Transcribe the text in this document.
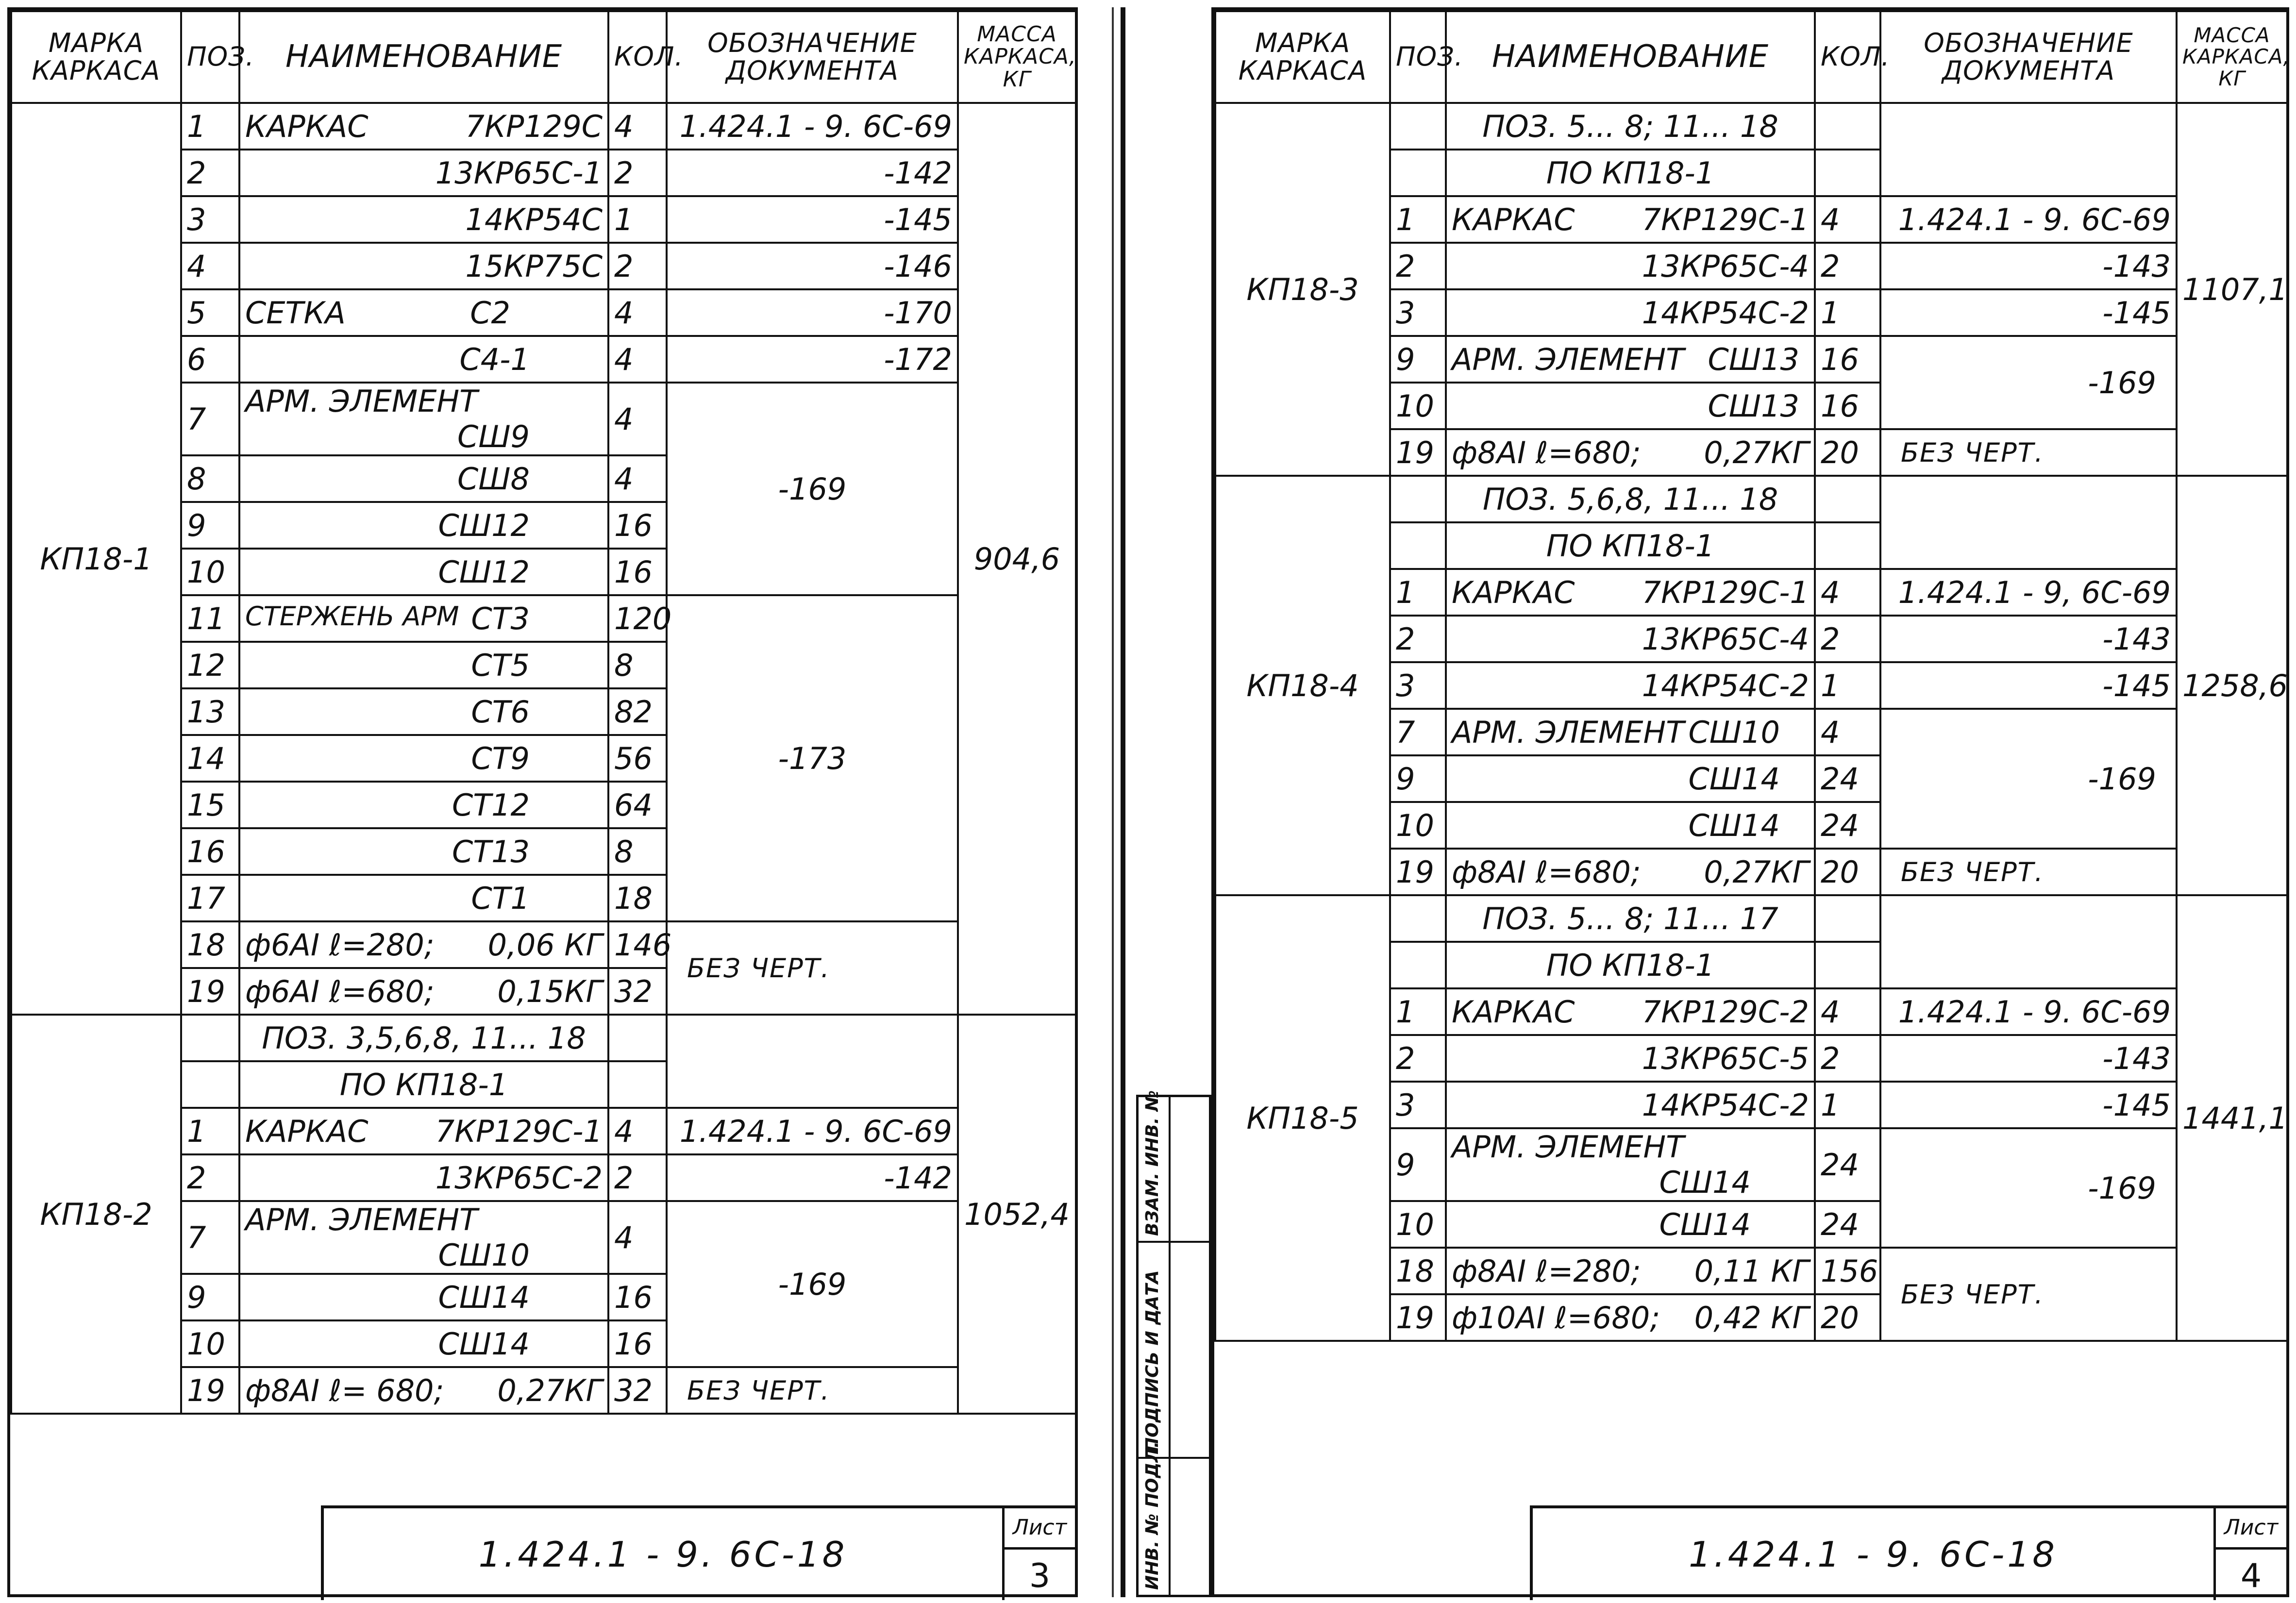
МАРКА
КАРКАСА	ПОЗ.	НАИМЕНОВАНИЕ	КОЛ.	ОБОЗНАЧЕНИЕ
ДОКУМЕНТА	МАССА
КАРКАСА,
КГ
КП18-1	1	КАРКАС 7КР129С	4	1.424.1 - 9. 6С-69	904,6
	2	13КР65С-1	2	-142	
	3	14КР54С	1	-145	
	4	15КР75С	2	-146	
	5	СЕТКА С2	4	-170	
	6	С4-1	4	-172	
	7	АРМ. ЭЛЕМЕНТ
СШ9	4	-169	
	8	СШ8	4		
	9	СШ12	16		
	10	СШ12	16		
	11	СТЕРЖЕНЬ АРМ СТ3	120	-173	
	12	СТ5	8		
	13	СТ6	82		
	14	СТ9	56		
	15	СТ12	64		
	16	СТ13	8		
	17	СТ1	18		
	18	ф6АI ℓ=280; 0,06 КГ	146	БЕЗ ЧЕРТ.	
	19	ф6АI ℓ=680; 0,15КГ	32		
КП18-2		ПОЗ. 3,5,6,8, 11... 18			1052,4
		ПО КП18-1			
	1	КАРКАС 7КР129С-1	4	1.424.1 - 9. 6С-69	
	2	13КР65С-2	2	-142	
	7	АРМ. ЭЛЕМЕНТ
СШ10	4	-169	
	9	СШ14	16		
	10	СШ14	16		
	19	ф8АI ℓ= 680; 0,27КГ	32	БЕЗ ЧЕРТ.	
1.424.1 - 9. 6С-18
Лист
3
ВЗАМ. ИНВ. №
ПОДПИСЬ И ДАТА
ИНВ. № ПОДЛ.
МАРКА
КАРКАСА	ПОЗ.	НАИМЕНОВАНИЕ	КОЛ.	ОБОЗНАЧЕНИЕ
ДОКУМЕНТА	МАССА
КАРКАСА,
КГ
КП18-3		ПОЗ. 5... 8; 11... 18			1107,1
		ПО КП18-1			
	1	КАРКАС 7КР129С-1	4	1.424.1 - 9. 6С-69	
	2	13КР65С-4	2	-143	
	3	14КР54С-2	1	-145	
	9	АРМ. ЭЛЕМЕНТ СШ13	16	-169	
	10	СШ13	16		
	19	ф8АI ℓ=680; 0,27КГ	20	БЕЗ ЧЕРТ.	
КП18-4		ПОЗ. 5,6,8, 11... 18			1258,6
		ПО КП18-1			
	1	КАРКАС 7КР129С-1	4	1.424.1 - 9, 6С-69	
	2	13КР65С-4	2	-143	
	3	14КР54С-2	1	-145	
	7	АРМ. ЭЛЕМЕНТ СШ10	4	-169	
	9	СШ14	24		
	10	СШ14	24		
	19	ф8АI ℓ=680; 0,27КГ	20	БЕЗ ЧЕРТ.	
КП18-5		ПОЗ. 5... 8; 11... 17			1441,1
		ПО КП18-1			
	1	КАРКАС 7КР129С-2	4	1.424.1 - 9. 6С-69	
	2	13КР65С-5	2	-143	
	3	14КР54С-2	1	-145	
	9	АРМ. ЭЛЕМЕНТ
СШ14	24	-169	
	10	СШ14	24		
	18	ф8АI ℓ=280; 0,11 КГ	156	БЕЗ ЧЕРТ.	
	19	ф10АI ℓ=680; 0,42 КГ	20		
1.424.1 - 9. 6С-18
Лист
4
